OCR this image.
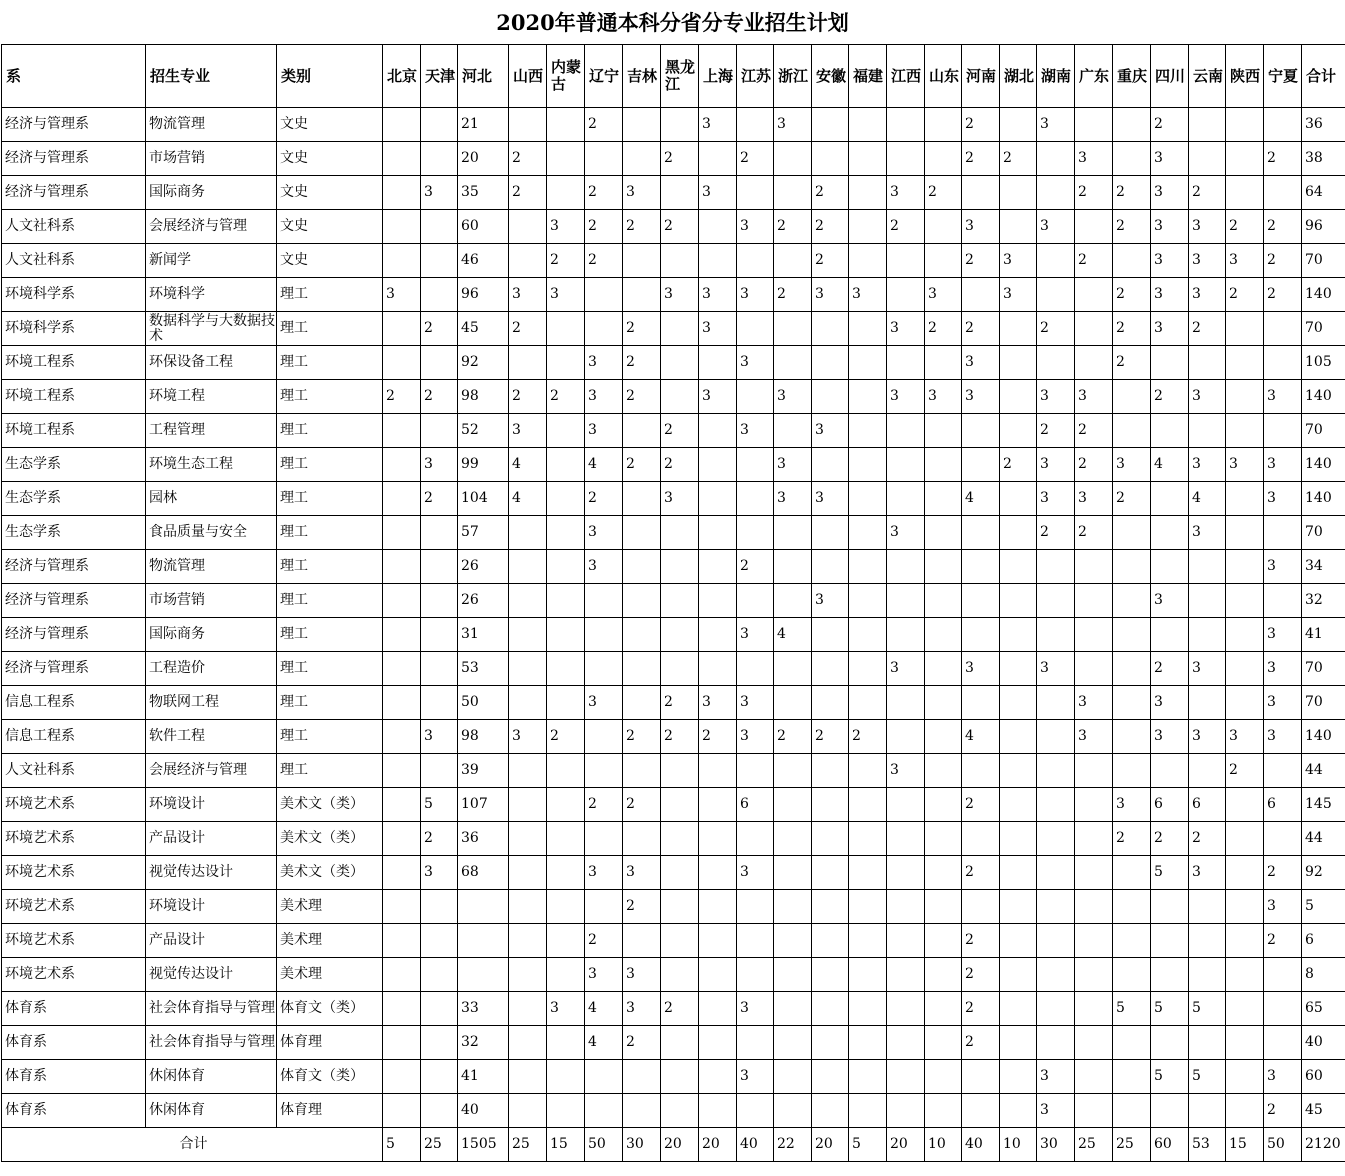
2020年普通本科分省分专业招生计划
系	招生专业	类别	北京	天津	河北	山西	内蒙古	辽宁	吉林	黑龙江	上海	江苏	浙江	安徽	福建	江西	山东	河南	湖北	湖南	广东	重庆	四川	云南	陕西	宁夏	合计
经济与管理系	物流管理	文史			21			2			3		3					2		3			2				36
经济与管理系	市场营销	文史			20	2				2		2						2	2		3		3			2	38
经济与管理系	国际商务	文史		3	35	2		2	3		3			2		3	2				2	2	3	2			64
人文社科系	会展经济与管理	文史			60		3	2	2	2		3	2	2		2		3		3		2	3	3	2	2	96
人文社科系	新闻学	文史			46		2	2						2				2	3		2		3	3	3	2	70
环境科学系	环境科学	理工	3		96	3	3			3	3	3	2	3	3		3		3			2	3	3	2	2	140
环境科学系	数据科学与大数据技术	理工		2	45	2			2		3					3	2	2		2		2	3	2			70
环境工程系	环保设备工程	理工			92			3	2			3						3				2					105
环境工程系	环境工程	理工	2	2	98	2	2	3	2		3		3			3	3	3		3	3		2	3		3	140
环境工程系	工程管理	理工			52	3		3		2		3		3						2	2						70
生态学系	环境生态工程	理工		3	99	4		4	2	2			3						2	3	2	3	4	3	3	3	140
生态学系	园林	理工		2	104	4		2		3			3	3				4		3	3	2		4		3	140
生态学系	食品质量与安全	理工			57			3								3				2	2			3			70
经济与管理系	物流管理	理工			26			3				2														3	34
经济与管理系	市场营销	理工			26									3									3				32
经济与管理系	国际商务	理工			31							3	4													3	41
经济与管理系	工程造价	理工			53											3		3		3			2	3		3	70
信息工程系	物联网工程	理工			50			3		2	3	3									3		3			3	70
信息工程系	软件工程	理工		3	98	3	2		2	2	2	3	2	2	2			4			3		3	3	3	3	140
人文社科系	会展经济与管理	理工			39											3									2		44
环境艺术系	环境设计	美术文（类）		5	107			2	2			6						2				3	6	6		6	145
环境艺术系	产品设计	美术文（类）		2	36																	2	2	2			44
环境艺术系	视觉传达设计	美术文（类）		3	68			3	3			3						2					5	3		2	92
环境艺术系	环境设计	美术理							2																	3	5
环境艺术系	产品设计	美术理						2										2								2	6
环境艺术系	视觉传达设计	美术理						3	3									2									8
体育系	社会体育指导与管理	体育文（类）			33		3	4	3	2		3						2				5	5	5			65
体育系	社会体育指导与管理	体育理			32			4	2									2									40
体育系	休闲体育	体育文（类）			41							3								3			5	5		3	60
体育系	休闲体育	体育理			40															3						2	45
合计			5	25	1505	25	15	50	30	20	20	40	22	20	5	20	10	40	10	30	25	25	60	53	15	50	2120
